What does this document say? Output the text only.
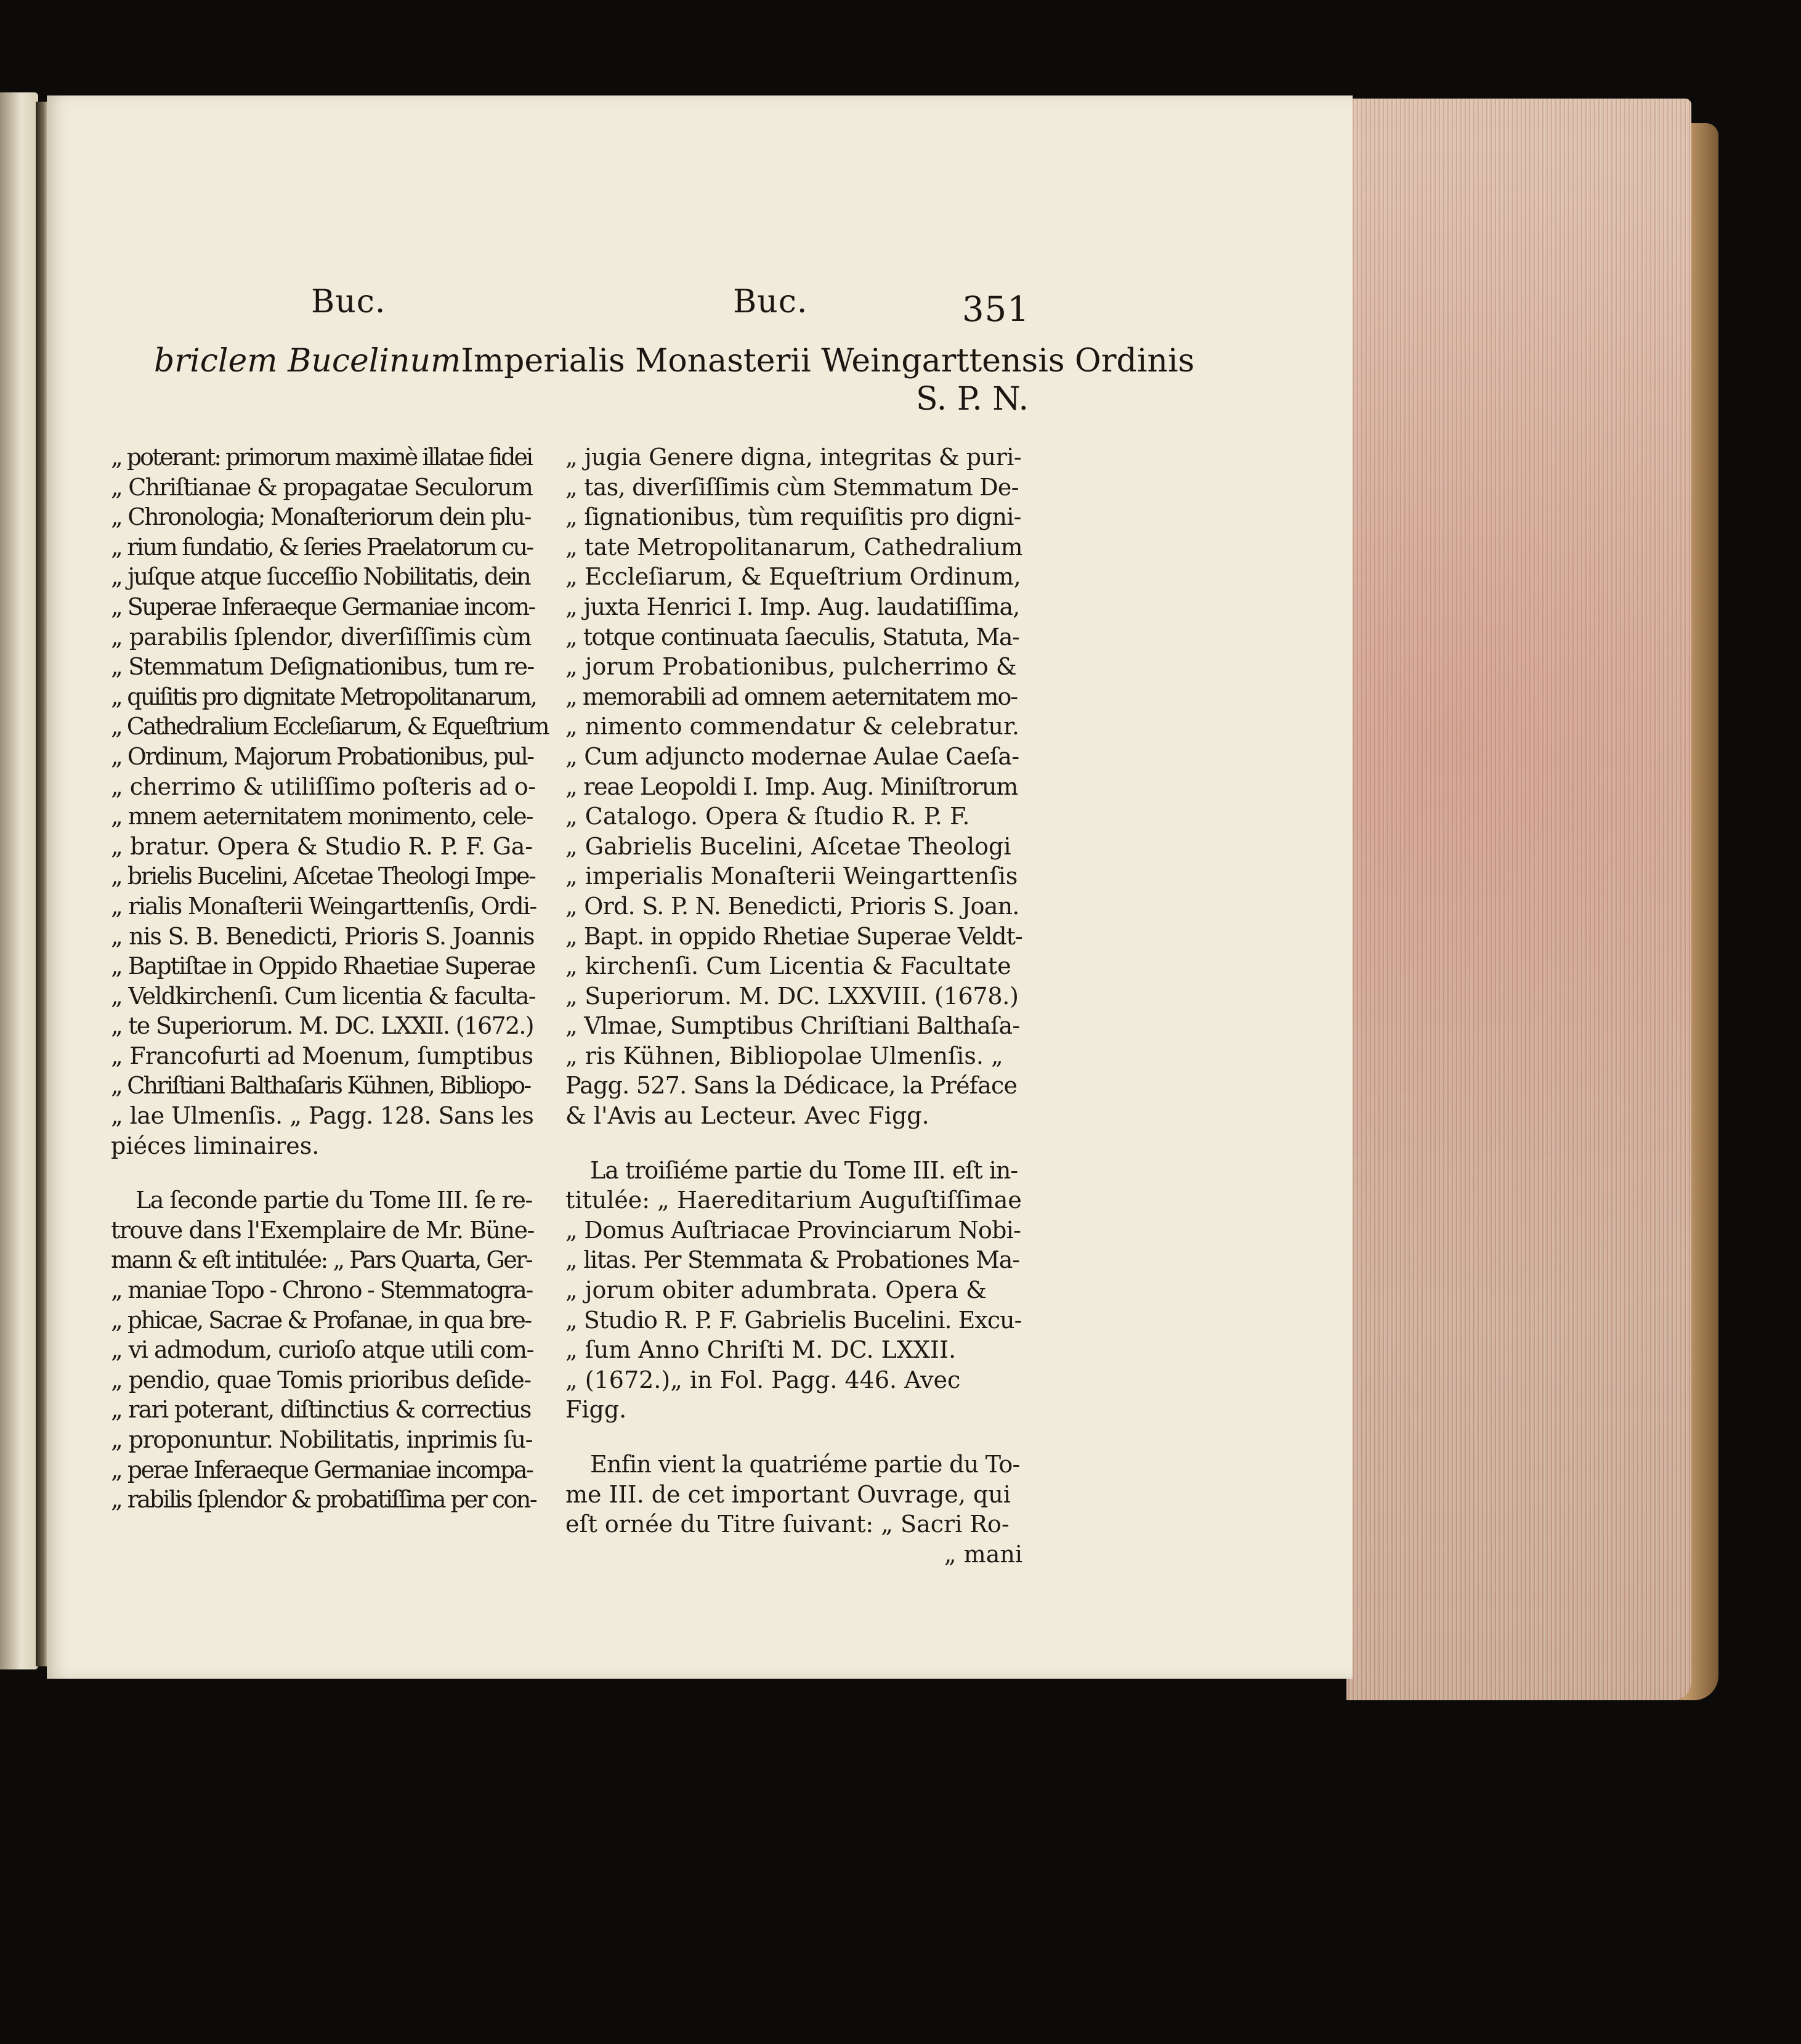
Buc.	Buc.	351
briclem Bucelinum Imperialis Monasterii Weingarttensis Ordinis
S. P. N.
„ poterant: primorum maximè illatae fidei
„ Chriſtianae & propagatae Seculorum
„ Chronologia; Monaſteriorum dein plu-
„ rium fundatio, & ſeries Praelatorum cu-
„ juſque atque ſucceſſio Nobilitatis, dein
„ Superae Inferaeque Germaniae incom-
„ parabilis ſplendor, diverſiſſimis cùm
„ Stemmatum Deſignationibus, tum re-
„ quiſitis pro dignitate Metropolitanarum,
„ Cathedralium Eccleſiarum, & Equeſtrium
„ Ordinum, Majorum Probationibus, pul-
„ cherrimo & utiliſſimo poſteris ad o-
„ mnem aeternitatem monimento, cele-
„ bratur. Opera & Studio R. P. F. Ga-
„ brielis Bucelini, Aſcetae Theologi Impe-
„ rialis Monaſterii Weingarttenſis, Ordi-
„ nis S. B. Benedicti, Prioris S. Joannis
„ Baptiſtae in Oppido Rhaetiae Superae
„ Veldkirchenſi. Cum licentia & faculta-
„ te Superiorum. M. DC. LXXII. (1672.)
„ Francofurti ad Moenum, ſumptibus
„ Chriſtiani Balthaſaris Kühnen, Bibliopo-
„ lae Ulmenſis. „ Pagg. 128. Sans les
piéces liminaires.
La ſeconde partie du Tome III. ſe re-
trouve dans l'Exemplaire de Mr. Büne-
mann & eſt intitulée: „ Pars Quarta, Ger-
„ maniae Topo - Chrono - Stemmatogra-
„ phicae, Sacrae & Profanae, in qua bre-
„ vi admodum, curioſo atque utili com-
„ pendio, quae Tomis prioribus deſide-
„ rari poterant, diſtinctius & correctius
„ proponuntur. Nobilitatis, inprimis ſu-
„ perae Inferaeque Germaniae incompa-
„ rabilis ſplendor & probatiſſima per con-
„ jugia Genere digna, integritas & puri-
„ tas, diverſiſſimis cùm Stemmatum De-
„ ſignationibus, tùm requiſitis pro digni-
„ tate Metropolitanarum, Cathedralium
„ Eccleſiarum, & Equeſtrium Ordinum,
„ juxta Henrici I. Imp. Aug. laudatiſſima,
„ totque continuata ſaeculis, Statuta, Ma-
„ jorum Probationibus, pulcherrimo &
„ memorabili ad omnem aeternitatem mo-
„ nimento commendatur & celebratur.
„ Cum adjuncto modernae Aulae Caeſa-
„ reae Leopoldi I. Imp. Aug. Miniſtrorum
„ Catalogo. Opera & ſtudio R. P. F.
„ Gabrielis Bucelini, Aſcetae Theologi
„ imperialis Monaſterii Weingarttenſis
„ Ord. S. P. N. Benedicti, Prioris S. Joan.
„ Bapt. in oppido Rhetiae Superae Veldt-
„ kirchenſi. Cum Licentia & Facultate
„ Superiorum. M. DC. LXXVIII. (1678.)
„ Vlmae, Sumptibus Chriſtiani Balthaſa-
„ ris Kühnen, Bibliopolae Ulmenſis. „
Pagg. 527. Sans la Dédicace, la Préface
& l'Avis au Lecteur. Avec Figg.
La troiſiéme partie du Tome III. eſt in-
titulée: „ Haereditarium Auguſtiſſimae
„ Domus Auſtriacae Provinciarum Nobi-
„ litas. Per Stemmata & Probationes Ma-
„ jorum obiter adumbrata. Opera &
„ Studio R. P. F. Gabrielis Bucelini. Excu-
„ ſum Anno Chriſti M. DC. LXXII.
„ (1672.)„ in Fol. Pagg. 446. Avec
Figg.
Enfin vient la quatriéme partie du To-
me III. de cet important Ouvrage, qui
eſt ornée du Titre ſuivant: „ Sacri Ro-
„ mani
